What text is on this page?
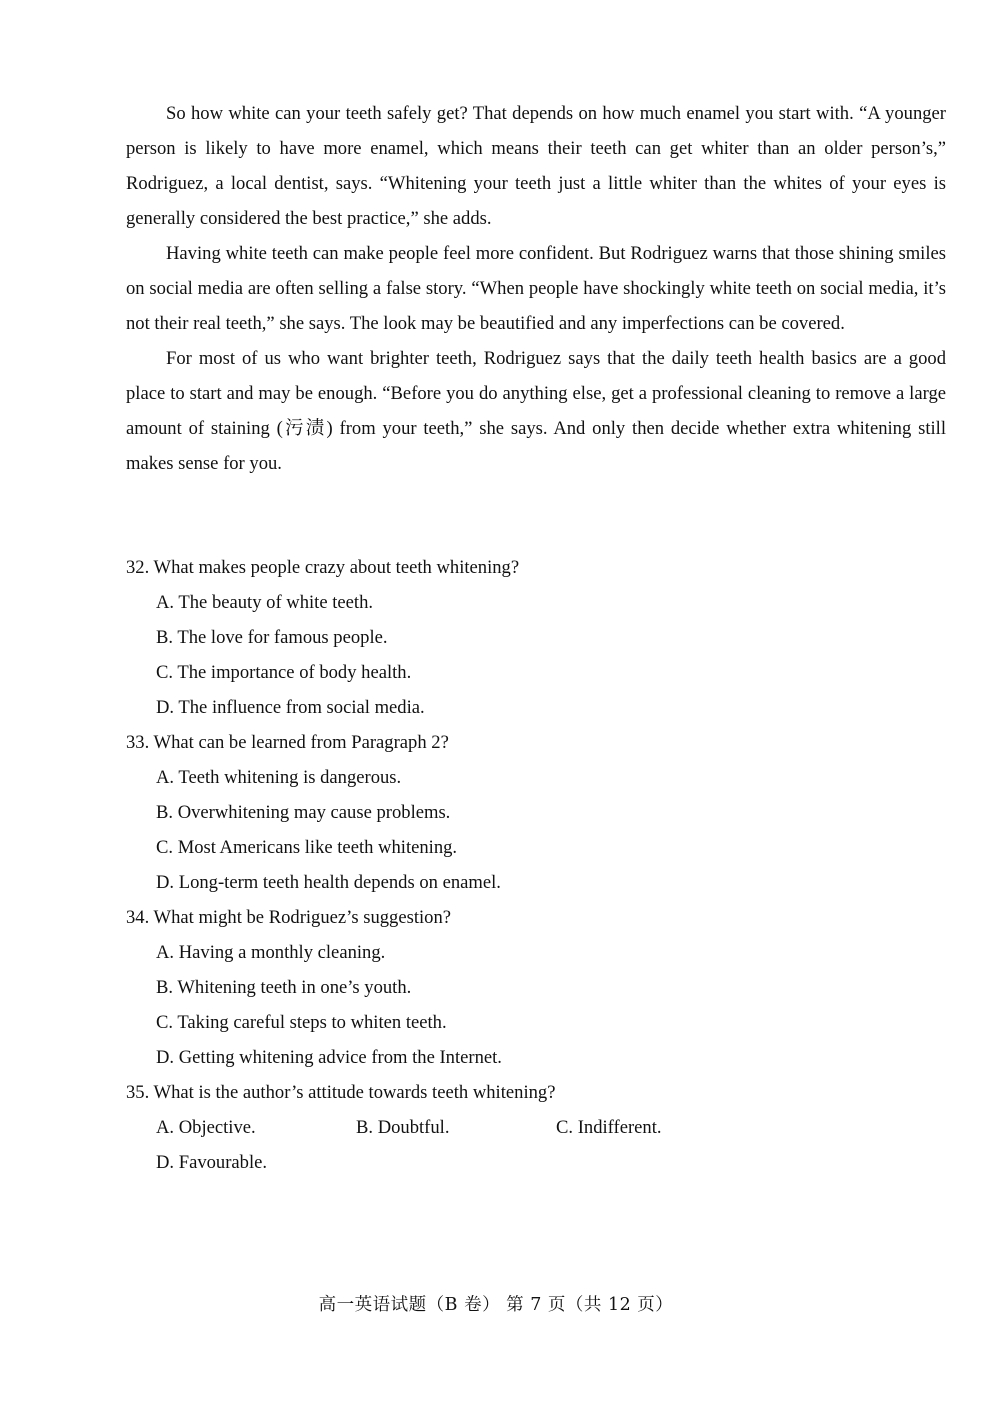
So how white can your teeth safely get? That depends on how much enamel you start with. “A younger person is likely to have more enamel, which means their teeth can get whiter than an older person’s,” Rodriguez, a local dentist, says. “Whitening your teeth just a little whiter than the whites of your eyes is generally considered the best practice,” she adds.

Having white teeth can make people feel more confident. But Rodriguez warns that those shining smiles on social media are often selling a false story. “When people have shockingly white teeth on social media, it’s not their real teeth,” she says. The look may be beautified and any imperfections can be covered.

For most of us who want brighter teeth, Rodriguez says that the daily teeth health basics are a good place to start and may be enough. “Before you do anything else, get a professional cleaning to remove a large amount of staining (污渍) from your teeth,” she says. And only then decide whether extra whitening still makes sense for you.

32. What makes people crazy about teeth whitening?
A. The beauty of white teeth.
B. The love for famous people.
C. The importance of body health.
D. The influence from social media.
33. What can be learned from Paragraph 2?
A. Teeth whitening is dangerous.
B. Overwhitening may cause problems.
C. Most Americans like teeth whitening.
D. Long-term teeth health depends on enamel.
34. What might be Rodriguez’s suggestion?
A. Having a monthly cleaning.
B. Whitening teeth in one’s youth.
C. Taking careful steps to whiten teeth.
D. Getting whitening advice from the Internet.
35. What is the author’s attitude towards teeth whitening?
A. Objective.	B. Doubtful.	C. Indifferent.
D. Favourable.
高一英语试题（B 卷） 第 7 页（共 12 页）
